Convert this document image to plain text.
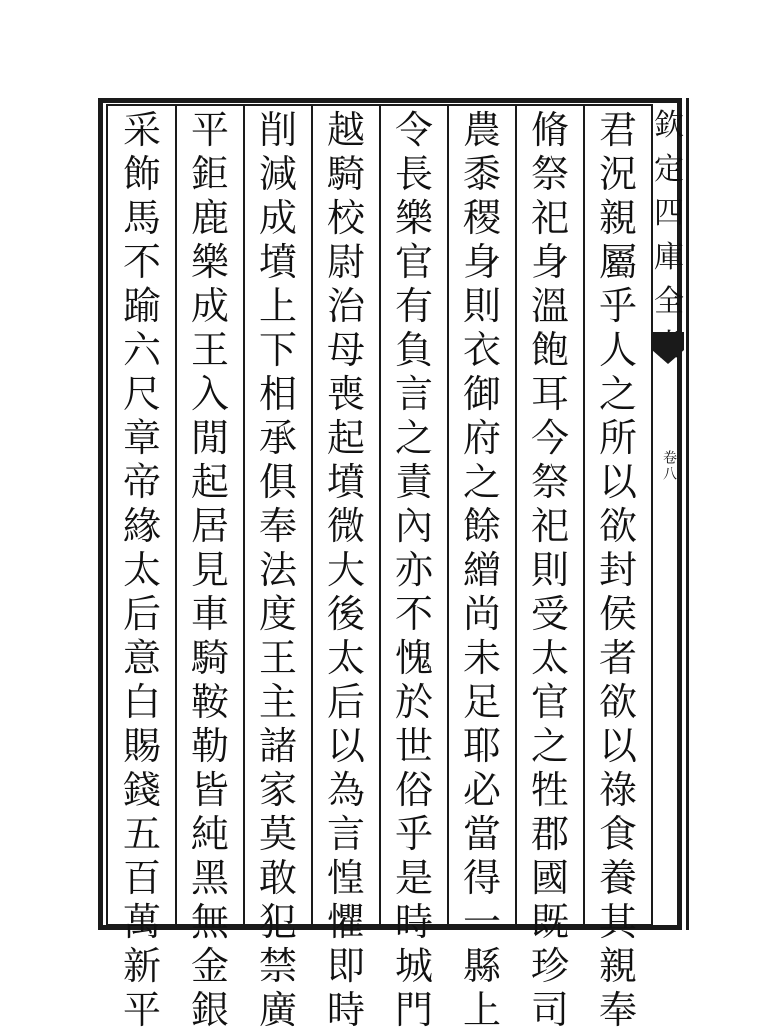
欽
定
四
庫
全
卷八
君
況
親
屬
乎
人
之
所
以
欲
封
侯
者
欲
以
祿
食
養
其
親
奉
脩
祭
祀
身
溫
飽
耳
今
祭
祀
則
受
太
官
之
牲
郡
國
既
珍
司
農
黍
稷
身
則
衣
御
府
之
餘
繒
尚
未
足
耶
必
當
得
一
縣
上
令
長
樂
官
有
負
言
之
責
內
亦
不
愧
於
世
俗
乎
是
時
城
門
越
騎
校
尉
治
母
喪
起
墳
微
大
後
太
后
以
為
言
惶
懼
即
時
削
減
成
墳
上
下
相
承
俱
奉
法
度
王
主
諸
家
莫
敢
犯
禁
廣
平
鉅
鹿
樂
成
王
入
閒
起
居
見
車
騎
鞍
勒
皆
純
黑
無
金
銀
采
飾
馬
不
踰
六
尺
章
帝
緣
太
后
意
白
賜
錢
五
百
萬
新
平
